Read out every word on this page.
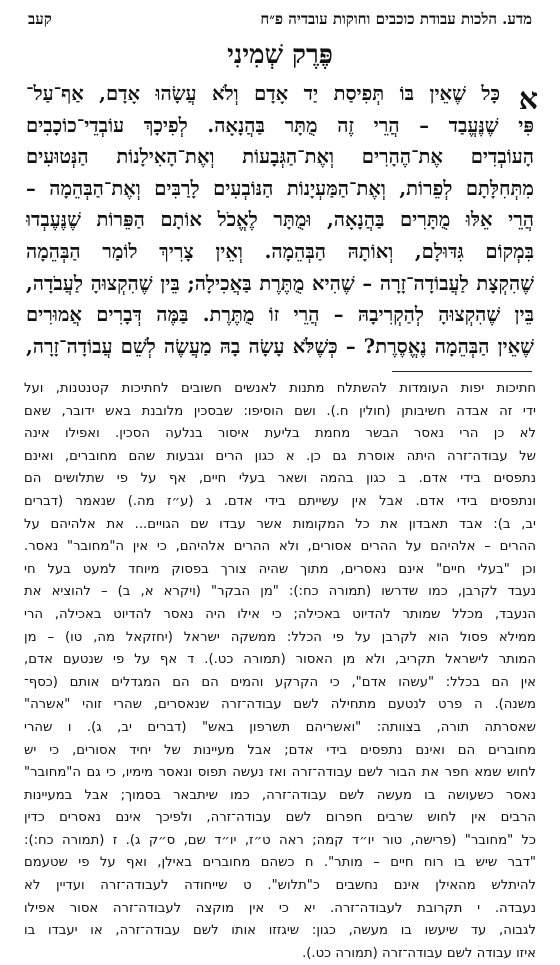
מדע. הלכות עבודת כוכבים וחוקות עובדיה פ״ח
קעב
פֶּרֶק שְׁמִינִי
א
כָּל שֶׁאֵין בּוֹ תְּפִיסַת יַד אָדָם וְלֹא עֲשָׂהוּ אָדָם, אַף־עַל־
פִּי שֶׁנֶּעֱבַד – הֲרֵי זֶה מֻתָּר בַּהֲנָאָה. לְפִיכָךְ עוֹבְדֵי־כוֹכָבִים
הָעוֹבְדִים אֶת־הֶהָרִים וְאֶת־הַגְּבָעוֹת וְאֶת־הָאִילָנוֹת הַנְּטוּעִים
מִתְּחִלָּתָם לְפֵרוֹת, וְאֶת־הַמַּעְיָנוֹת הַנּוֹבְעִים לָרַבִּים וְאֶת־הַבְּהֵמָה –
הֲרֵי אֵלּוּ מֻתָּרִים בַּהֲנָאָה, וּמֻתָּר לֶאֱכֹל אוֹתָם הַפֵּרוֹת שֶׁנֶּעֶבְדוּ
בִּמְקוֹם גִּדּוּלָם, וְאוֹתָהּ הַבְּהֵמָה. וְאֵין צָרִיךְ לוֹמַר הַבְּהֵמָה
שֶׁהִקְצָת לַעֲבוֹדָה־זָרָה – שֶׁהִיא מֻתֶּרֶת בַּאֲכִילָה; בֵּין שֶׁהִקְצוּהָ לַעֲבֹדָה,
בֵּין שֶׁהִקְצוּהָ לְהַקְרִיבָהּ – הֲרֵי זוֹ מֻתֶּרֶת. בַּמֶּה דְּבָרִים אֲמוּרִים
שֶׁאֵין הַבְּהֵמָה נֶאֱסֶרֶת? – כְּשֶׁלֹּא עָשָׂה בָהּ מַעֲשֶׂה לְשֵׁם עֲבוֹדָה־זָרָה,
חתיכות יפות העומדות להשתלח מתנות לאנשים חשובים לחתיכות קטנטנות, ועל
ידי זה אבדה חשיבותן (חולין ח.). ושם הוסיפו: שבסכין מלובנת באש ידובר, שאם
לא כן הרי נאסר הבשר מחמת בליעת איסור בנלעה הסכין. ואפילו אינה
של עבודה־זרה היתה אוסרת גם כן. א כגון הרים וגבעות שהם מחוברים, ואינם
נתפסים בידי אדם. ב כגון בהמה ושאר בעלי חיים, אף על פי שתלושים הם
ונתפסים בידי אדם. אבל אין עשייתם בידי אדם. ג (ע״ז מה.) שנאמר (דברים
יב, ב): אבד תאבדון את כל המקומות אשר עבדו שם הגויים... את אלהיהם על
ההרים – אלהיהם על ההרים אסורים, ולא ההרים אלהיהם, כי אין ה"מחובר" נאסר.
וכן "בעלי חיים" אינם נאסרים, מתוך שהיה צורך בפסוק מיוחד למעט בעל חי
נעבד לקרבן, כמו שדרשו (תמורה כח:): "מן הבקר" (ויקרא א, ב) – להוציא את
הנעבד, מכלל שמותר להדיוט באכילה; כי אילו היה נאסר להדיוט באכילה, הרי
ממילא פסול הוא לקרבן על פי הכלל: ממשקה ישראל (יחזקאל מה, טו) – מן
המותר לישראל תקריב, ולא מן האסור (תמורה כט.). ד אף על פי שנטעם אדם,
אין הם בכלל: "עשהו אדם", כי הקרקע והמים הם הם המגדלים אותם (כסף־
משנה). ה פרט לנטעם מתחילה לשם עבודה־זרה שנאסרים, שהרי זוהי "אשרה"
שאסרתה תורה, בצוותה: "ואשריהם תשרפון באש" (דברים יב, ג). ו שהרי
מחוברים הם ואינם נתפסים בידי אדם; אבל מעיינות של יחיד אסורים, כי יש
לחוש שמא חפר את הבור לשם עבודה־זרה ואז נעשה תפוס ונאסר מימיו, כי גם ה"מחובר"
נאסר כשעושה בו מעשה לשם עבודה־זרה, כמו שיתבאר בסמוך; אבל במעיינות
הרבים אין לחוש שרבים חפרום לשם עבודה־זרה, ולפיכך אינם נאסרים כדין
כל "מחובר" (פרישה, טור יו״ד קמה; ראה ט״ז, יו״ד שם, ס״ק ג). ז (תמורה כח:):
"דבר שיש בו רוח חיים – מותר". ח כשהם מחוברים באילן, ואף על פי שטעמם
להיתלש מהאילן אינם נחשבים כ"תלוש". ט שייחודה לעבודה־זרה ועדיין לא
נעבדה. י תקרובת לעבודה־זרה. יא כי אין מוקצה לעבודה־זרה אסור אפילו
לגבוה, עד שיעשו בו מעשה, כגון: שיגזזו אותו לשם עבודה־זרה, או יעבדו בו
איזו עבודה לשם עבודה־זרה (תמורה כט.).
